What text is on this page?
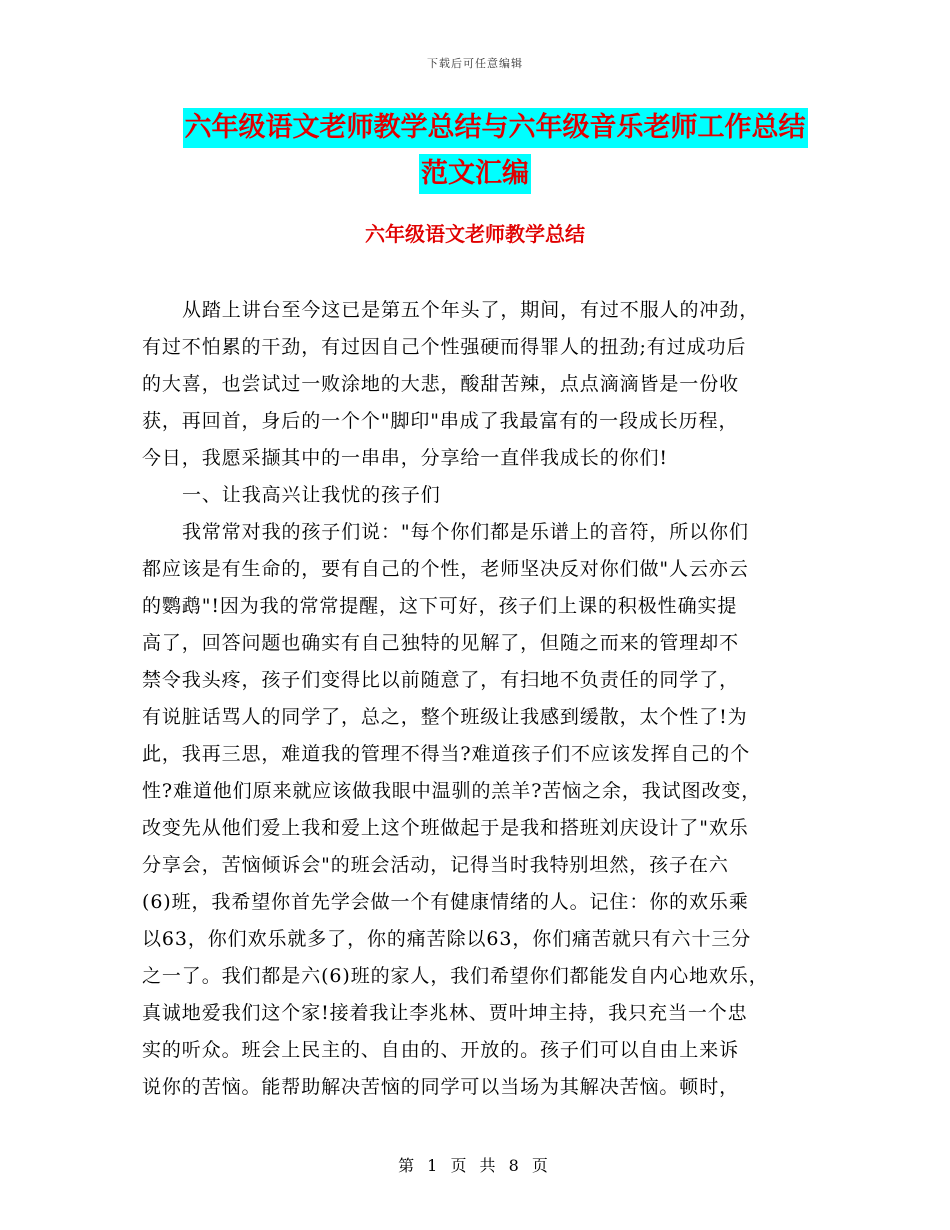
下载后可任意编辑
六年级语文老师教学总结与六年级音乐老师工作总结
范文汇编
六年级语文老师教学总结
从踏上讲台至今这已是第五个年头了，期间，有过不服人的冲劲，
有过不怕累的干劲，有过因自己个性强硬而得罪人的扭劲;有过成功后
的大喜，也尝试过一败涂地的大悲，酸甜苦辣，点点滴滴皆是一份收
获，再回首，身后的一个个"脚印"串成了我最富有的一段成长历程，
今日，我愿采撷其中的一串串，分享给一直伴我成长的你们!
一、让我高兴让我忧的孩子们
我常常对我的孩子们说："每个你们都是乐谱上的音符，所以你们
都应该是有生命的，要有自己的个性，老师坚决反对你们做"人云亦云
的鹦鹉"!因为我的常常提醒，这下可好，孩子们上课的积极性确实提
高了，回答问题也确实有自己独特的见解了，但随之而来的管理却不
禁令我头疼，孩子们变得比以前随意了，有扫地不负责任的同学了，
有说脏话骂人的同学了，总之，整个班级让我感到缓散，太个性了!为
此，我再三思，难道我的管理不得当?难道孩子们不应该发挥自己的个
性?难道他们原来就应该做我眼中温驯的羔羊?苦恼之余，我试图改变，
改变先从他们爱上我和爱上这个班做起于是我和搭班刘庆设计了"欢乐
分享会，苦恼倾诉会"的班会活动，记得当时我特别坦然，孩子在六
(6)班，我希望你首先学会做一个有健康情绪的人。记住：你的欢乐乘
以63，你们欢乐就多了，你的痛苦除以63，你们痛苦就只有六十三分
之一了。我们都是六(6)班的家人，我们希望你们都能发自内心地欢乐，
真诚地爱我们这个家!接着我让李兆林、贾叶坤主持，我只充当一个忠
实的听众。班会上民主的、自由的、开放的。孩子们可以自由上来诉
说你的苦恼。能帮助解决苦恼的同学可以当场为其解决苦恼。顿时，
第 1 页 共 8 页
